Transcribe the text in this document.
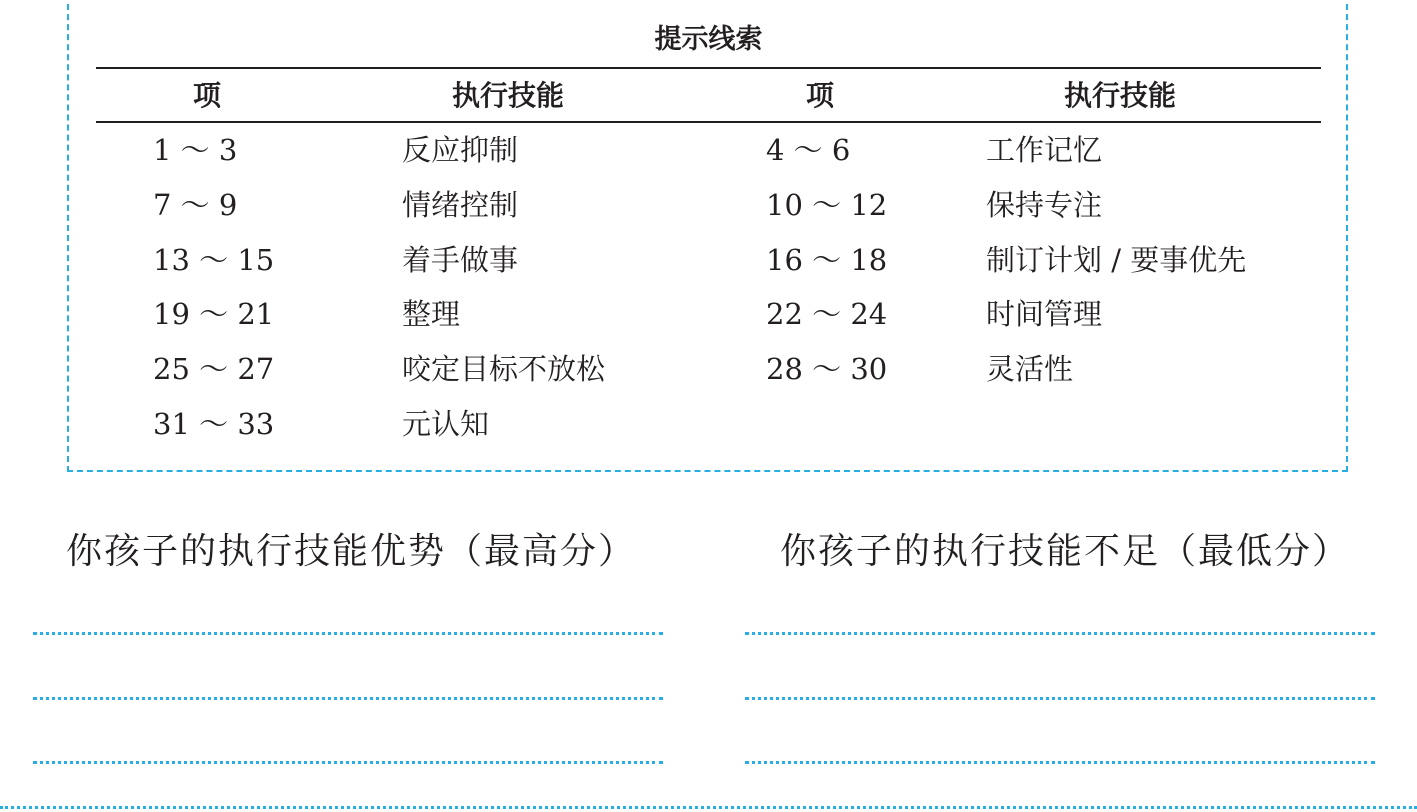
提示线索
项	执行技能	项	执行技能
1 ～ 3	反应抑制	4 ～ 6	工作记忆
7 ～ 9	情绪控制	10 ～ 12	保持专注
13 ～ 15	着手做事	16 ～ 18	制订计划 / 要事优先
19 ～ 21	整理	22 ～ 24	时间管理
25 ～ 27	咬定目标不放松	28 ～ 30	灵活性
31 ～ 33	元认知
你孩子的执行技能优势（最高分）	你孩子的执行技能不足（最低分）
